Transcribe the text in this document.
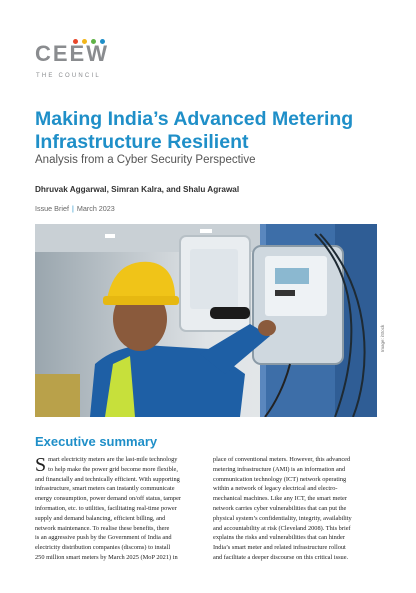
CEEW
THE COUNCIL
Making India’s Advanced Metering Infrastructure Resilient
Analysis from a Cyber Security Perspective
Dhruvak Aggarwal, Simran Kalra, and Shalu Agrawal
Issue Brief | March 2023
Image: iStock
Executive summary
S mart electricity meters are the last-mile technology

to help make the power grid become more flexible,

and financially and technically efficient. With supporting

infrastructure, smart meters can instantly communicate

energy consumption, power demand on/off status, tamper

information, etc. to utilities, facilitating real-time power

supply and demand balancing, efficient billing, and

network maintenance. To realise these benefits, there

is an aggressive push by the Government of India and

electricity distribution companies (discoms) to install

250 million smart meters by March 2025 (MoP 2021) in

place of conventional meters. However, this advanced

metering infrastructure (AMI) is an information and

communication technology (ICT) network operating

within a network of legacy electrical and electro-

mechanical machines. Like any ICT, the smart meter

network carries cyber vulnerabilities that can put the

physical system’s confidentiality, integrity, availability

and accountability at risk (Cleveland 2008). This brief

explains the risks and vulnerabilities that can hinder

India’s smart meter and related infrastructure rollout

and facilitate a deeper discourse on this critical issue.
